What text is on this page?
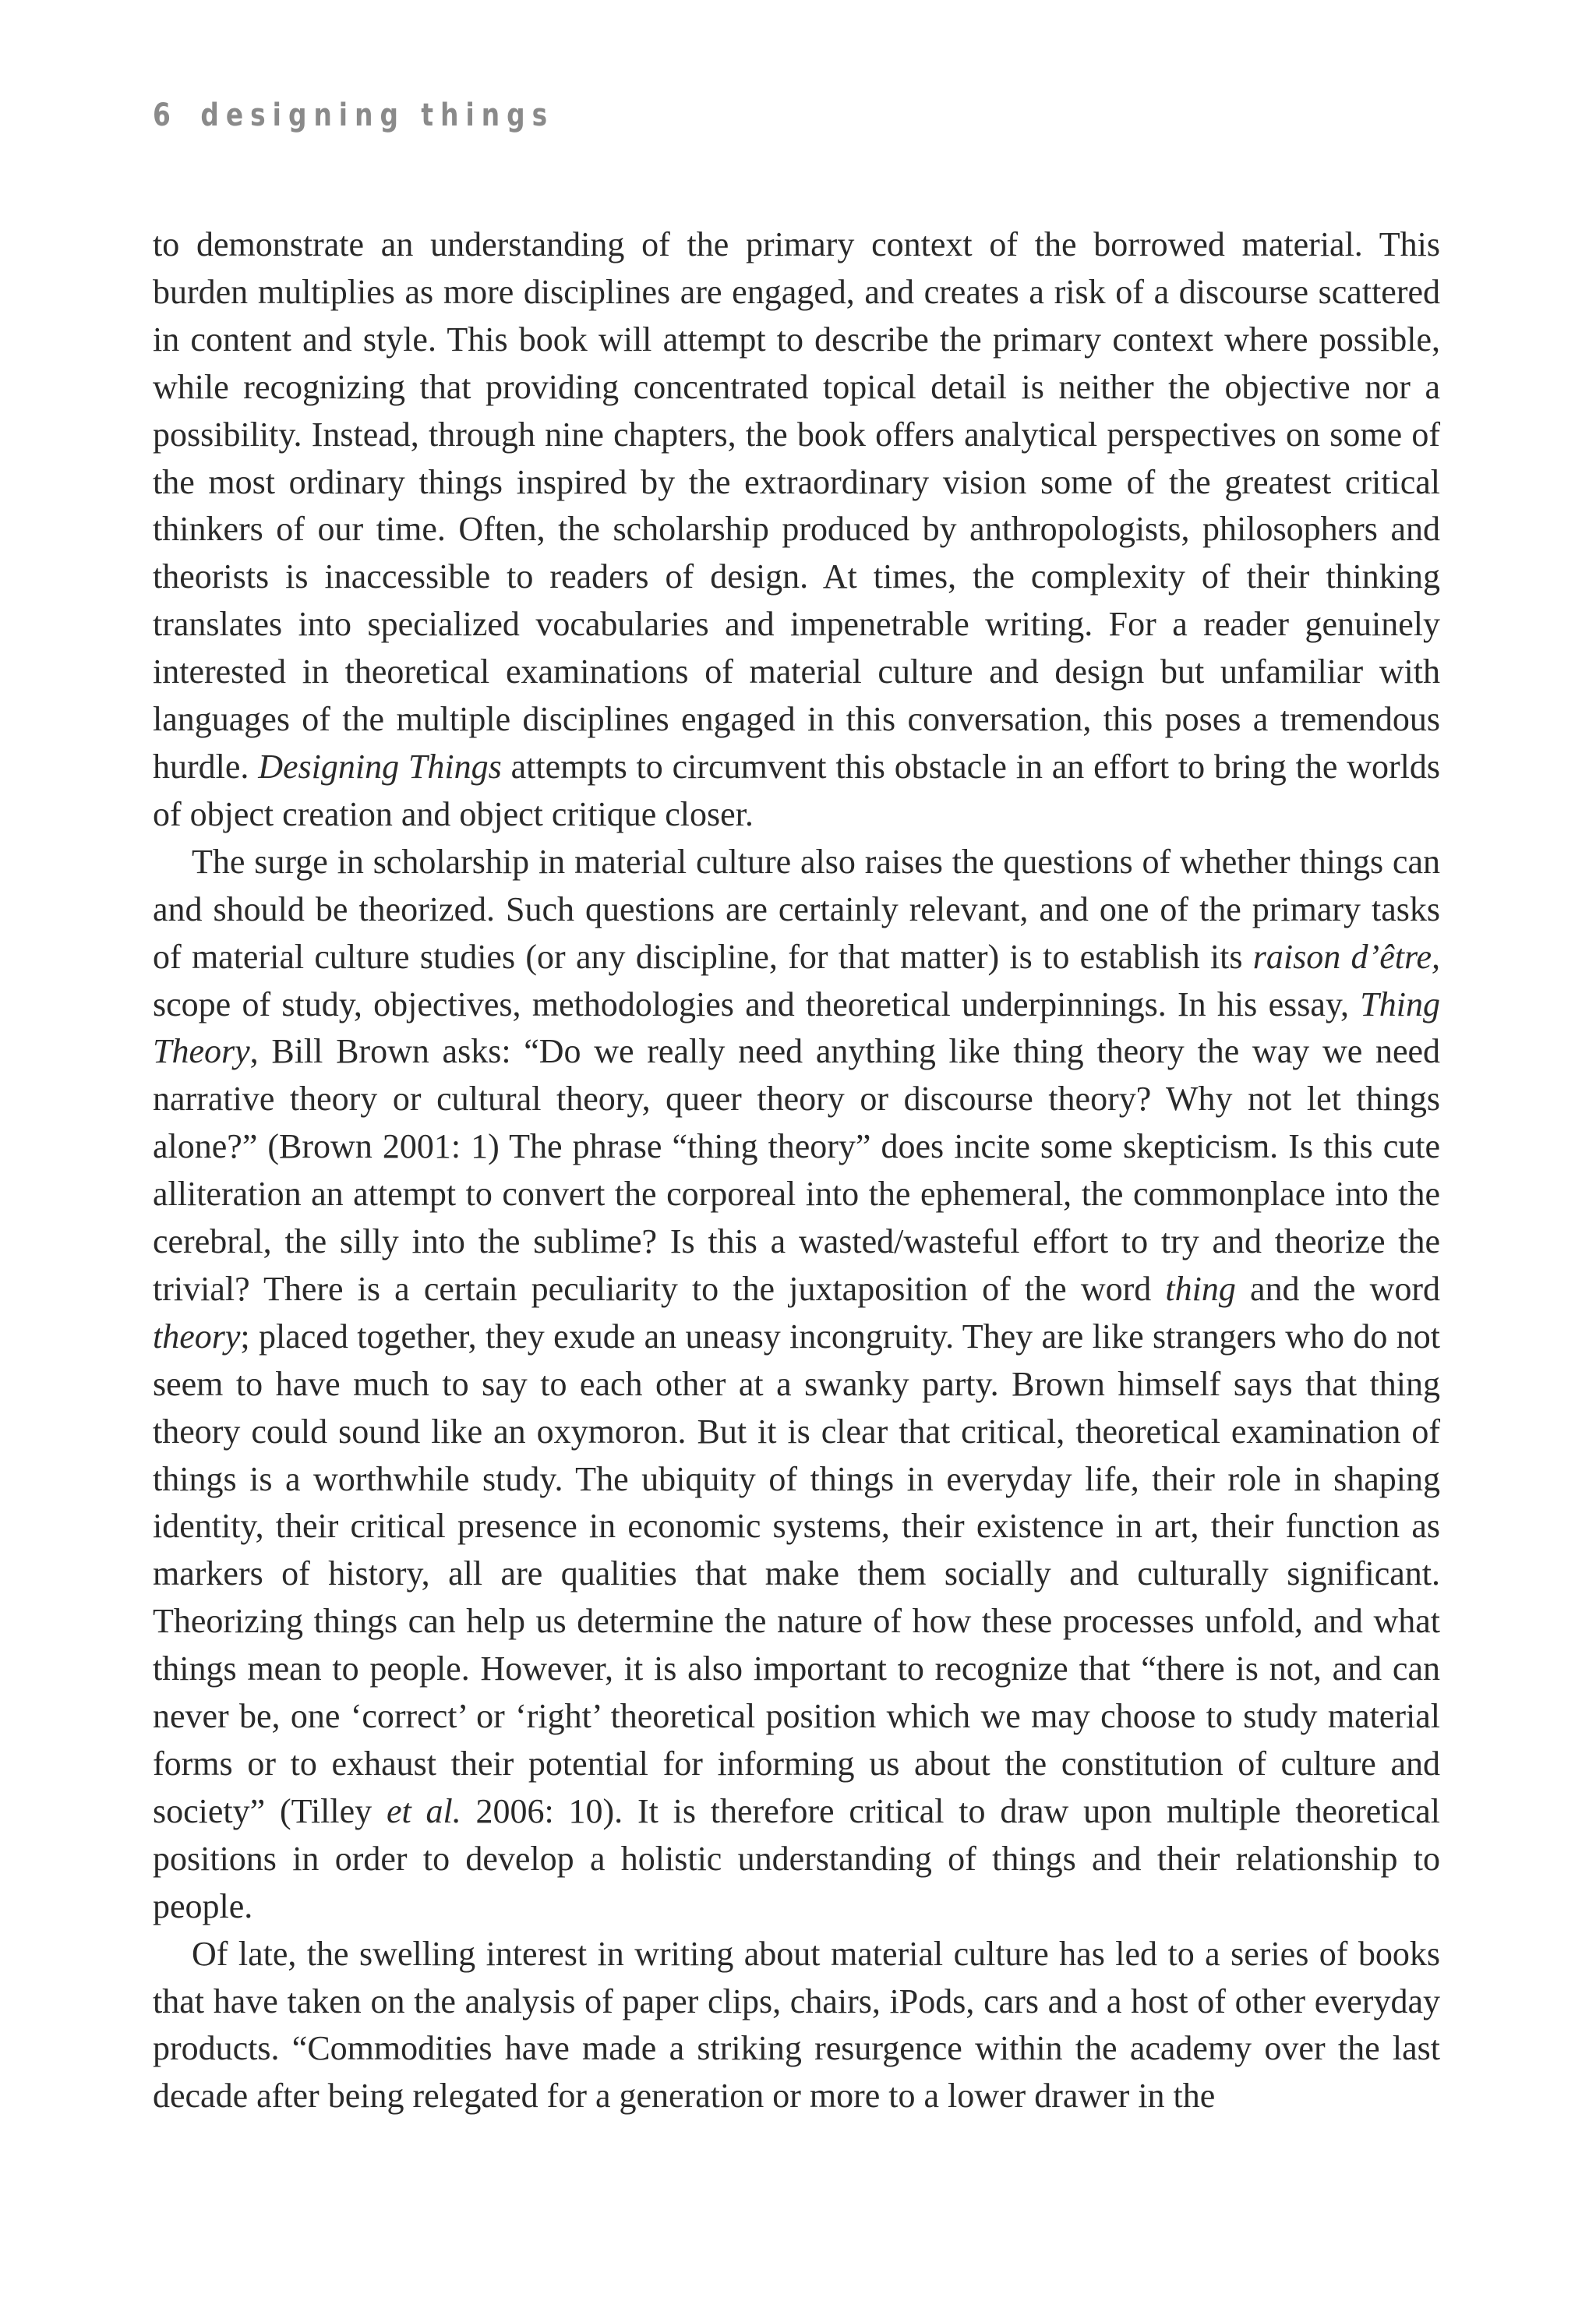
6 designing things

to demonstrate an understanding of the primary context of the borrowed material. This burden multiplies as more disciplines are engaged, and creates a risk of a discourse scattered in content and style. This book will attempt to describe the primary context where possible, while recognizing that providing concentrated topical detail is neither the objective nor a possibility. Instead, through nine chapters, the book offers analytical perspectives on some of the most ordinary things inspired by the extraordinary vision some of the greatest critical thinkers of our time. Often, the scholarship produced by anthropologists, philosophers and theorists is inaccessible to readers of design. At times, the complexity of their thinking translates into specialized vocabularies and impenetrable writing. For a reader genuinely interested in theoretical examinations of material culture and design but unfamiliar with languages of the multiple disciplines engaged in this conversation, this poses a tremendous hurdle. Designing Things attempts to circumvent this obstacle in an effort to bring the worlds of object creation and object critique closer.

The surge in scholarship in material culture also raises the questions of whether things can and should be theorized. Such questions are certainly relevant, and one of the primary tasks of material culture studies (or any discipline, for that matter) is to establish its raison d’être, scope of study, objectives, methodologies and theoretical underpinnings. In his essay, Thing Theory, Bill Brown asks: “Do we really need anything like thing theory the way we need narrative theory or cultural theory, queer theory or discourse theory? Why not let things alone?” (Brown 2001: 1) The phrase “thing theory” does incite some skepticism. Is this cute alliteration an attempt to convert the corporeal into the ephemeral, the commonplace into the cerebral, the silly into the sublime? Is this a wasted/wasteful effort to try and theorize the trivial? There is a certain peculiarity to the juxtaposition of the word thing and the word theory; placed together, they exude an uneasy incongruity. They are like strangers who do not seem to have much to say to each other at a swanky party. Brown himself says that thing theory could sound like an oxymoron. But it is clear that critical, theoretical examination of things is a worthwhile study. The ubiquity of things in everyday life, their role in shaping identity, their critical presence in economic systems, their existence in art, their function as markers of history, all are qualities that make them socially and culturally significant. Theorizing things can help us determine the nature of how these processes unfold, and what things mean to people. However, it is also important to recognize that “there is not, and can never be, one ‘correct’ or ‘right’ theoretical position which we may choose to study material forms or to exhaust their potential for informing us about the constitution of culture and society” (Tilley et al. 2006: 10). It is therefore critical to draw upon multiple theoretical positions in order to develop a holistic understanding of things and their relationship to people.

Of late, the swelling interest in writing about material culture has led to a series of books that have taken on the analysis of paper clips, chairs, iPods, cars and a host of other everyday products. “Commodities have made a striking resurgence within the academy over the last decade after being relegated for a generation or more to a lower drawer in the
